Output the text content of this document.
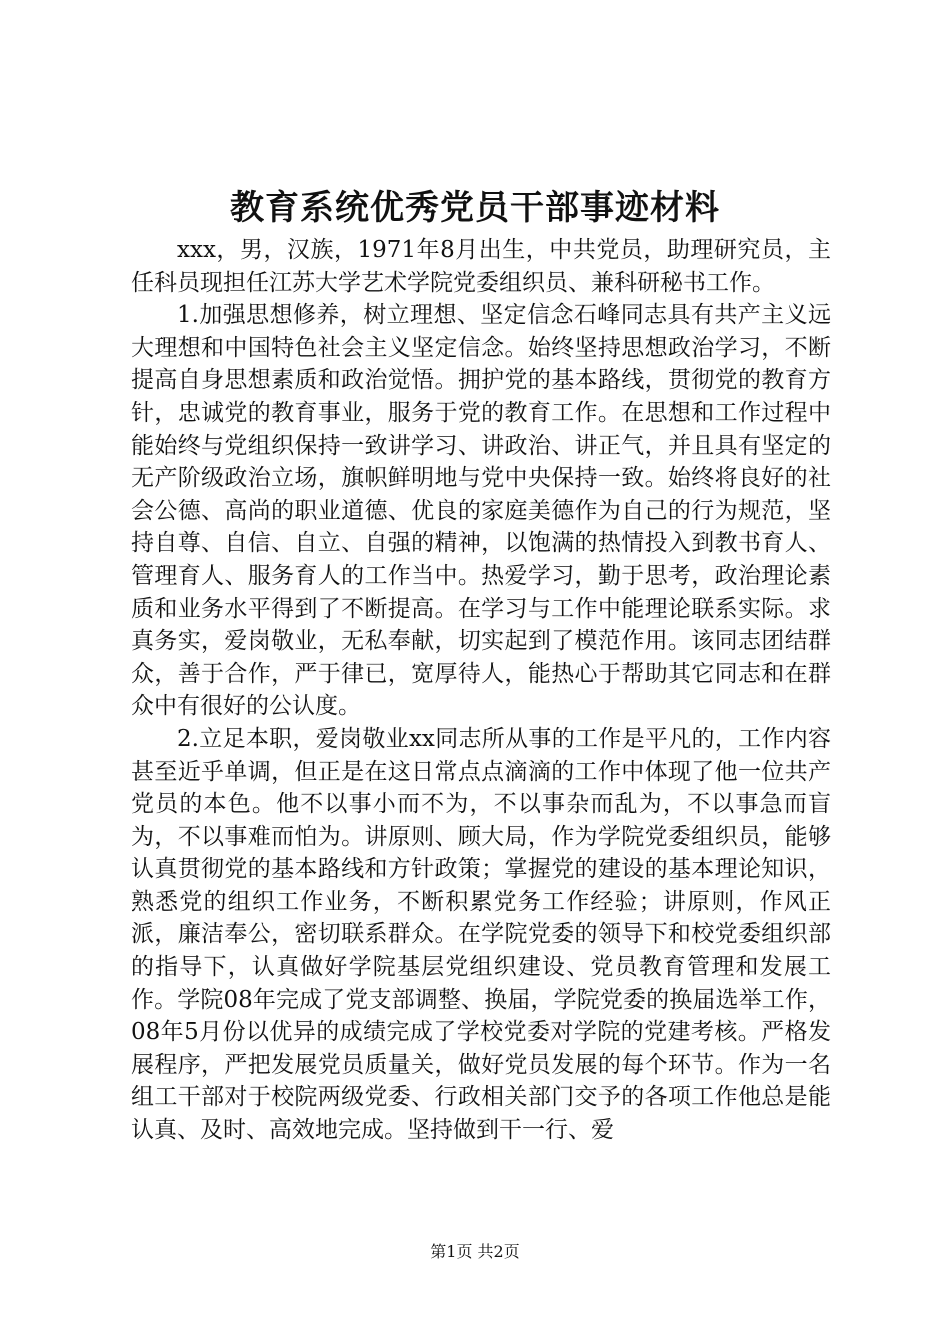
教育系统优秀党员干部事迹材料

xxx，男，汉族，1971年8月出生，中共党员，助理研究员，主任科员现担任江苏大学艺术学院党委组织员、兼科研秘书工作。

1.加强思想修养，树立理想、坚定信念石峰同志具有共产主义远大理想和中国特色社会主义坚定信念。始终坚持思想政治学习，不断提高自身思想素质和政治觉悟。拥护党的基本路线，贯彻党的教育方针，忠诚党的教育事业，服务于党的教育工作。在思想和工作过程中能始终与党组织保持一致讲学习、讲政治、讲正气，并且具有坚定的无产阶级政治立场，旗帜鲜明地与党中央保持一致。始终将良好的社会公德、高尚的职业道德、优良的家庭美德作为自己的行为规范，坚持自尊、自信、自立、自强的精神，以饱满的热情投入到教书育人、管理育人、服务育人的工作当中。热爱学习，勤于思考，政治理论素质和业务水平得到了不断提高。在学习与工作中能理论联系实际。求真务实，爱岗敬业，无私奉献，切实起到了模范作用。该同志团结群众，善于合作，严于律已，宽厚待人，能热心于帮助其它同志和在群众中有很好的公认度。

2.立足本职，爱岗敬业xx同志所从事的工作是平凡的，工作内容甚至近乎单调，但正是在这日常点点滴滴的工作中体现了他一位共产党员的本色。他不以事小而不为，不以事杂而乱为，不以事急而盲为，不以事难而怕为。讲原则、顾大局，作为学院党委组织员，能够认真贯彻党的基本路线和方针政策；掌握党的建设的基本理论知识，熟悉党的组织工作业务，不断积累党务工作经验；讲原则，作风正派，廉洁奉公，密切联系群众。在学院党委的领导下和校党委组织部的指导下，认真做好学院基层党组织建设、党员教育管理和发展工作。学院08年完成了党支部调整、换届，学院党委的换届选举工作，08年5月份以优异的成绩完成了学校党委对学院的党建考核。严格发展程序，严把发展党员质量关，做好党员发展的每个环节。作为一名组工干部对于校院两级党委、行政相关部门交予的各项工作他总是能认真、及时、高效地完成。坚持做到干一行、爱

第1页 共2页
